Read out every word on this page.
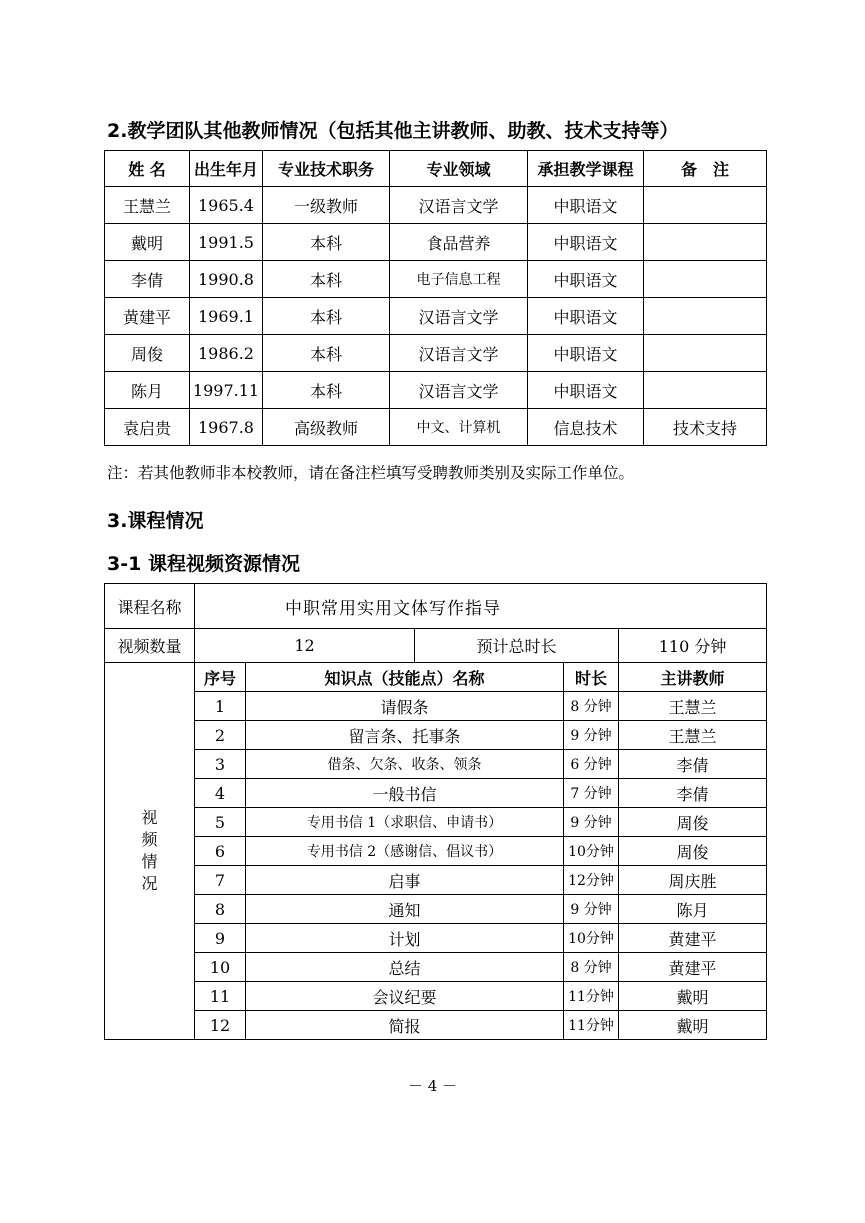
2.教学团队其他教师情况（包括其他主讲教师、助教、技术支持等）
姓 名	出生年月	专业技术职务	专业领域	承担教学课程	备　注
王慧兰	1965.4	一级教师	汉语言文学	中职语文	
戴明	1991.5	本科	食品营养	中职语文	
李倩	1990.8	本科	电子信息工程	中职语文	
黄建平	1969.1	本科	汉语言文学	中职语文	
周俊	1986.2	本科	汉语言文学	中职语文	
陈月	1997.11	本科	汉语言文学	中职语文	
袁启贵	1967.8	高级教师	中文、计算机	信息技术	技术支持
注：若其他教师非本校教师，请在备注栏填写受聘教师类别及实际工作单位。
3.课程情况
3-1 课程视频资源情况
课程名称	中职常用实用文体写作指导				
视频数量	12		预计总时长		110 分钟

视
频
情
况	序号	知识点（技能点）名称		时长	主讲教师
	1	请假条		8 分钟	王慧兰
	2	留言条、托事条		9 分钟	王慧兰
	3	借条、欠条、收条、领条		6 分钟	李倩
	4	一般书信		7 分钟	李倩
	5	专用书信 1（求职信、申请书）		9 分钟	周俊
	6	专用书信 2（感谢信、倡议书）		10分钟	周俊
	7	启事		12分钟	周庆胜
	8	通知		9 分钟	陈月
	9	计划		10分钟	黄建平
	10	总结		8 分钟	黄建平
	11	会议纪要		11分钟	戴明
	12	简报		11分钟	戴明
－ 4 －
